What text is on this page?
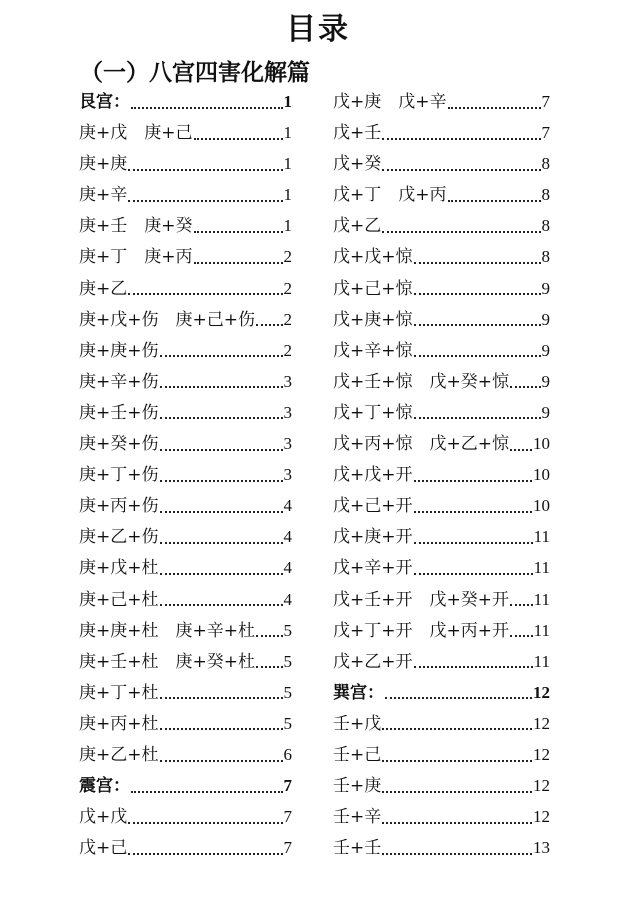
目录
（一）八宫四害化解篇
艮宫：	1
庚+戊　庚+己	1
庚+庚	1
庚+辛	1
庚+壬　庚+癸	1
庚+丁　庚+丙	2
庚+乙	2
庚+戊+伤　庚+己+伤 2
庚+庚+伤	2
庚+辛+伤	3
庚+壬+伤	3
庚+癸+伤	3
庚+丁+伤	3
庚+丙+伤	4
庚+乙+伤	4
庚+戊+杜	4
庚+己+杜	4
庚+庚+杜　庚+辛+杜 5
庚+壬+杜　庚+癸+杜 5
庚+丁+杜	5
庚+丙+杜	5
庚+乙+杜	6
震宫：	7
戊+戊	7
戊+己	7
戊+庚　戊+辛	7
戊+壬	7
戊+癸	8
戊+丁　戊+丙	8
戊+乙	8
戊+戊+惊	8
戊+己+惊	9
戊+庚+惊	9
戊+辛+惊	9
戊+壬+惊　戊+癸+惊 9
戊+丁+惊	9
戊+丙+惊　戊+乙+惊 10
戊+戊+开	10
戊+己+开	10
戊+庚+开	11
戊+辛+开	11
戊+壬+开　戊+癸+开 11
戊+丁+开　戊+丙+开 11
戊+乙+开	11
巽宫：	12
壬+戊	12
壬+己	12
壬+庚	12
壬+辛	12
壬+壬	13
